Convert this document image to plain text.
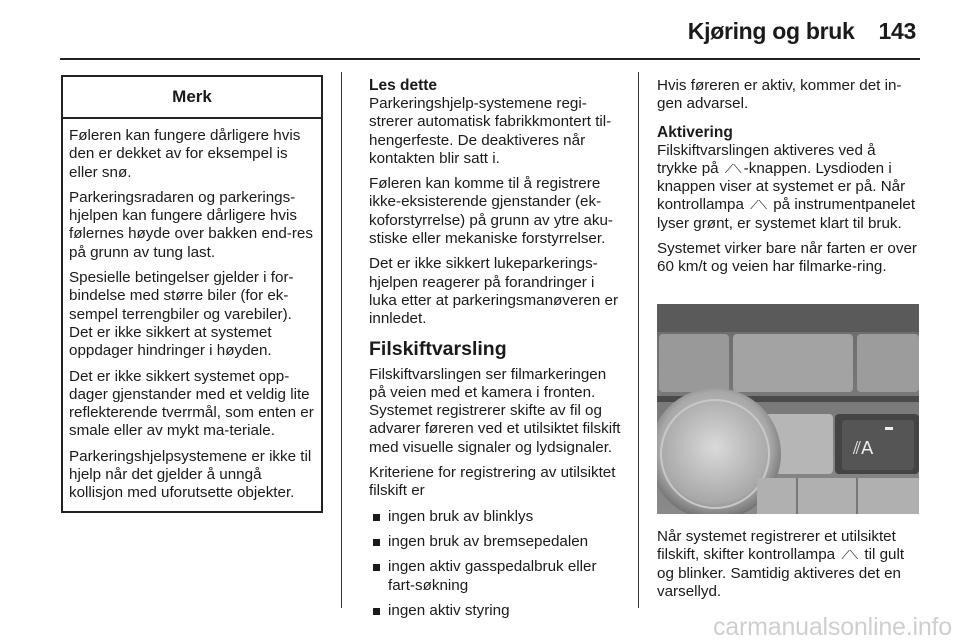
Kjøring og bruk 143
Merk

Føleren kan fungere dårligere hvis den er dekket av for eksempel is eller snø.

Parkeringsradaren og parkerings-hjelpen kan fungere dårligere hvis følernes høyde over bakken end-res på grunn av tung last.

Spesielle betingelser gjelder i for-bindelse med større biler (for ek-sempel terrengbiler og varebiler). Det er ikke sikkert at systemet oppdager hindringer i høyden.

Det er ikke sikkert systemet opp-dager gjenstander med et veldig lite reflekterende tverrmål, som enten er smale eller av mykt ma-teriale.

Parkeringshjelpsystemene er ikke til hjelp når det gjelder å unngå kollisjon med uforutsette objekter.

Les dette

Parkeringshjelp-systemene regi-strerer automatisk fabrikkmontert til-hengerfeste. De deaktiveres når kontakten blir satt i.

Føleren kan komme til å registrere ikke-eksisterende gjenstander (ek-koforstyrrelse) på grunn av ytre aku-stiske eller mekaniske forstyrrelser.

Det er ikke sikkert lukeparkerings-hjelpen reagerer på forandringer i luka etter at parkeringsmanøveren er innledet.

Filskiftvarsling

Filskiftvarslingen ser filmarkeringen på veien med et kamera i fronten. Systemet registrerer skifte av fil og advarer føreren ved et utilsiktet filskift med visuelle signaler og lydsignaler.

Kriteriene for registrering av utilsiktet filskift er

ingen bruk av blinklys
ingen bruk av bremsepedalen
ingen aktiv gasspedalbruk eller fart-søkning
ingen aktiv styring

Hvis føreren er aktiv, kommer det in-gen advarsel.

Aktivering

Filskiftvarslingen aktiveres ved å trykke på ⟋⟍ -knappen. Lysdioden i knappen viser at systemet er på. Når kontrollampa ⟋⟍ på instrumentpanelet lyser grønt, er systemet klart til bruk.

Systemet virker bare når farten er over 60 km/t og veien har filmarke-ring.

⫽A

Når systemet registrerer et utilsiktet filskift, skifter kontrollampa ⟋⟍ til gult og blinker. Samtidig aktiveres det en varsellyd.

carmanualsonline.info
